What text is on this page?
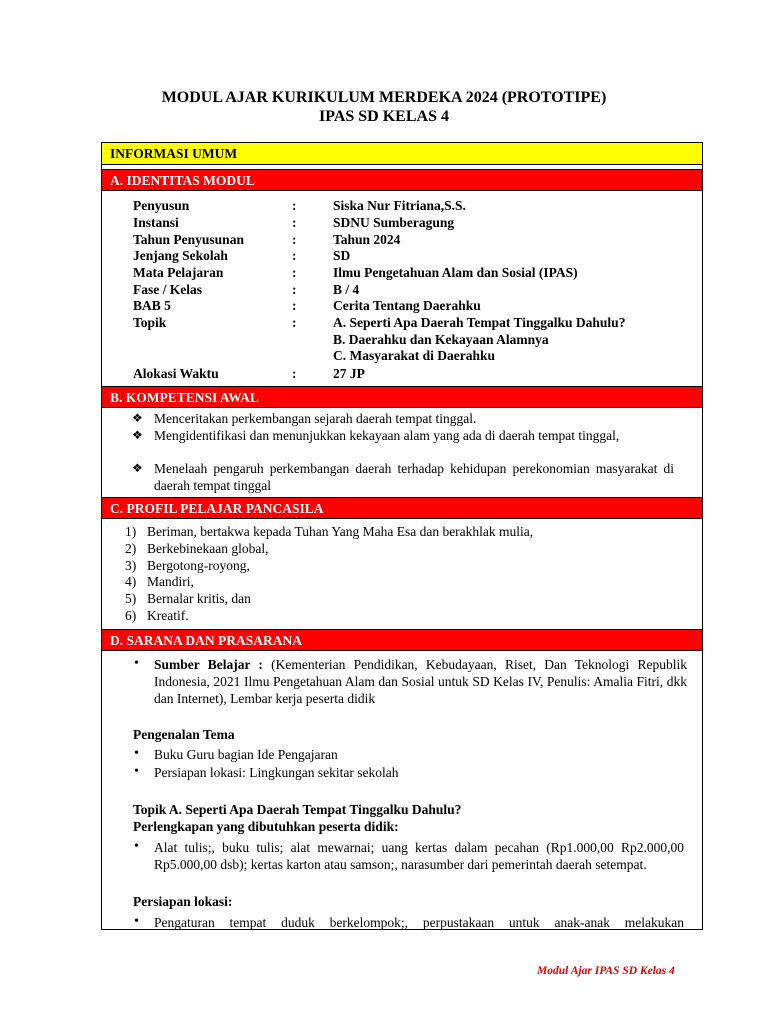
MODUL AJAR KURIKULUM MERDEKA 2024 (PROTOTIPE)
IPAS SD KELAS 4
INFORMASI UMUM
A. IDENTITAS MODUL
Penyusun	:	Siska Nur Fitriana,S.S.
Instansi	:	SDNU Sumberagung
Tahun Penyusunan	:	Tahun 2024
Jenjang Sekolah	:	SD
Mata Pelajaran	:	Ilmu Pengetahuan Alam dan Sosial (IPAS)
Fase / Kelas	:	B / 4
BAB 5	:	Cerita Tentang Daerahku
Topik	:	A. Seperti Apa Daerah Tempat Tinggalku Dahulu?
B. Daerahku dan Kekayaan Alamnya
C. Masyarakat di Daerahku
Alokasi Waktu	:	27 JP
B. KOMPETENSI AWAL
❖ Menceritakan perkembangan sejarah daerah tempat tinggal.
❖ Mengidentifikasi dan menunjukkan kekayaan alam yang ada di daerah tempat tinggal,
❖ Menelaah pengaruh perkembangan daerah terhadap kehidupan perekonomian masyarakat di daerah tempat tinggal
C. PROFIL PELAJAR PANCASILA
1) Beriman, bertakwa kepada Tuhan Yang Maha Esa dan berakhlak mulia,
2) Berkebinekaan global,
3) Bergotong-royong,
4) Mandiri,
5) Bernalar kritis, dan
6) Kreatif.
D. SARANA DAN PRASARANA
• Sumber Belajar : (Kementerian Pendidikan, Kebudayaan, Riset, Dan Teknologi Republik Indonesia, 2021 Ilmu Pengetahuan Alam dan Sosial untuk SD Kelas IV, Penulis: Amalia Fitri, dkk dan Internet), Lembar kerja peserta didik
Pengenalan Tema
• Buku Guru bagian Ide Pengajaran
• Persiapan lokasi: Lingkungan sekitar sekolah
Topik A. Seperti Apa Daerah Tempat Tinggalku Dahulu?
Perlengkapan yang dibutuhkan peserta didik:
• Alat tulis;, buku tulis; alat mewarnai; uang kertas dalam pecahan (Rp1.000,00 Rp2.000,00 Rp5.000,00 dsb); kertas karton atau samson;, narasumber dari pemerintah daerah setempat.
Persiapan lokasi:
• Pengaturan tempat duduk berkelompok;, perpustakaan untuk anak-anak melakukan
Modul Ajar IPAS SD Kelas 4
